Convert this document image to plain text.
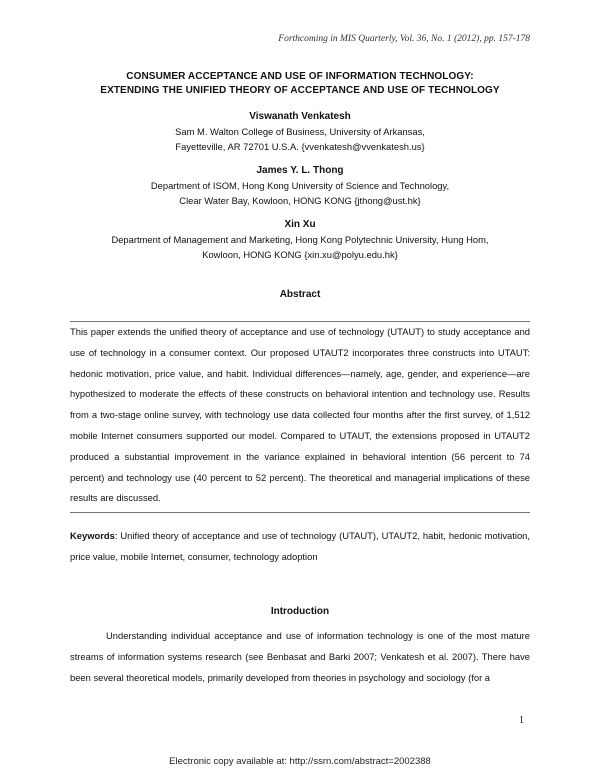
Forthcoming in MIS Quarterly, Vol. 36, No. 1 (2012), pp. 157-178
CONSUMER ACCEPTANCE AND USE OF INFORMATION TECHNOLOGY:
EXTENDING THE UNIFIED THEORY OF ACCEPTANCE AND USE OF TECHNOLOGY
Viswanath Venkatesh
Sam M. Walton College of Business, University of Arkansas,
Fayetteville, AR 72701 U.S.A. {vvenkatesh@vvenkatesh.us}
James Y. L. Thong
Department of ISOM, Hong Kong University of Science and Technology,
Clear Water Bay, Kowloon, HONG KONG {jthong@ust.hk}
Xin Xu
Department of Management and Marketing, Hong Kong Polytechnic University, Hung Hom,
Kowloon, HONG KONG {xin.xu@polyu.edu.hk}
Abstract
This paper extends the unified theory of acceptance and use of technology (UTAUT) to study acceptance and use of technology in a consumer context. Our proposed UTAUT2 incorporates three constructs into UTAUT: hedonic motivation, price value, and habit. Individual differences—namely, age, gender, and experience—are hypothesized to moderate the effects of these constructs on behavioral intention and technology use. Results from a two-stage online survey, with technology use data collected four months after the first survey, of 1,512 mobile Internet consumers supported our model. Compared to UTAUT, the extensions proposed in UTAUT2 produced a substantial improvement in the variance explained in behavioral intention (56 percent to 74 percent) and technology use (40 percent to 52 percent). The theoretical and managerial implications of these results are discussed.
Keywords: Unified theory of acceptance and use of technology (UTAUT), UTAUT2, habit, hedonic motivation, price value, mobile Internet, consumer, technology adoption
Introduction
Understanding individual acceptance and use of information technology is one of the most mature streams of information systems research (see Benbasat and Barki 2007; Venkatesh et al. 2007). There have been several theoretical models, primarily developed from theories in psychology and sociology (for a
1
Electronic copy available at: http://ssrn.com/abstract=2002388
